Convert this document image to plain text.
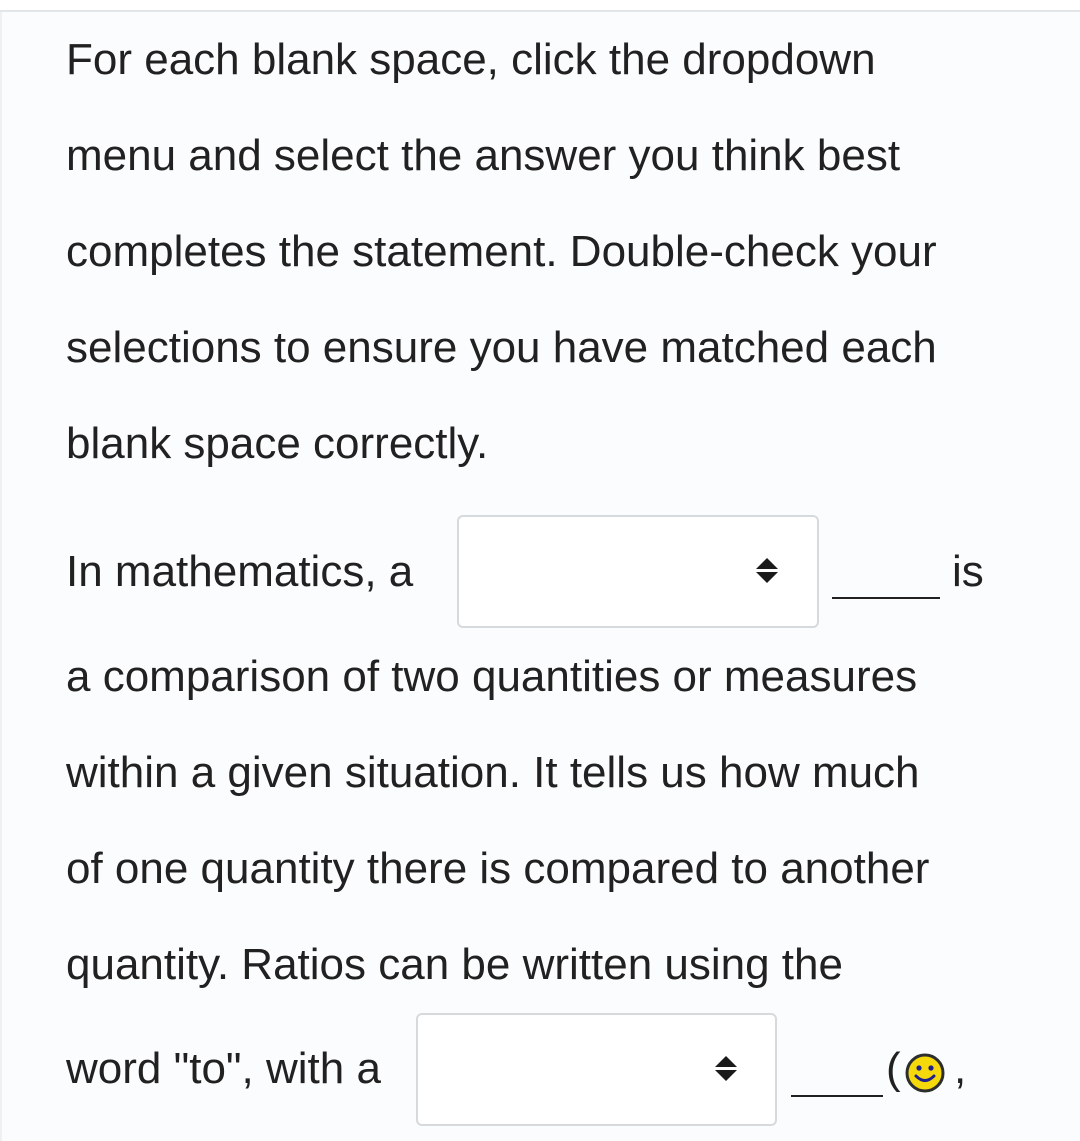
For each blank space, click the dropdown
menu and select the answer you think best
completes the statement. Double-check your
selections to ensure you have matched each
blank space correctly.
In mathematics, a	is
a comparison of two quantities or measures
within a given situation. It tells us how much
of one quantity there is compared to another
quantity. Ratios can be written using the
word "to", with a	( ,
